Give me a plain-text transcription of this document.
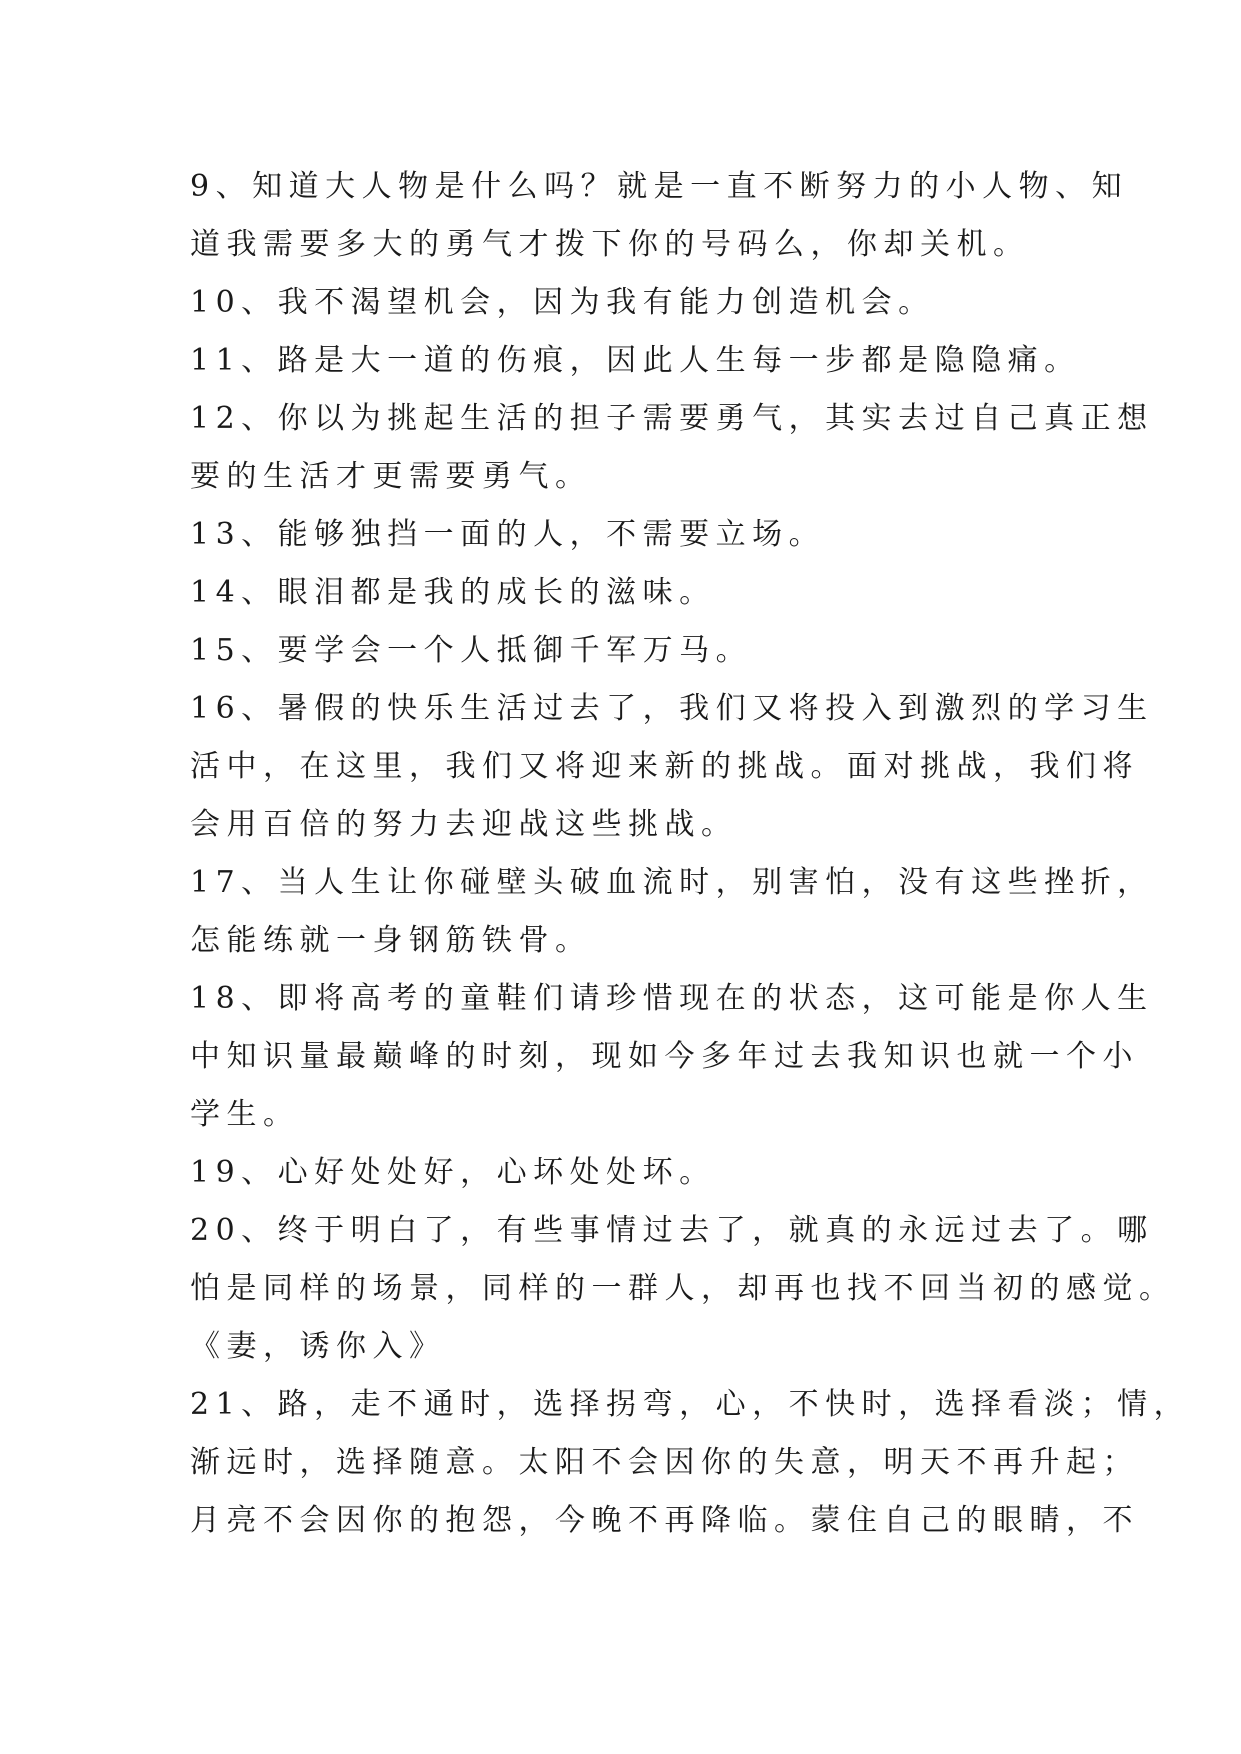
9、知道大人物是什么吗？就是一直不断努力的小人物、知
道我需要多大的勇气才拨下你的号码么，你却关机。
10、我不渴望机会，因为我有能力创造机会。
11、路是大一道的伤痕，因此人生每一步都是隐隐痛。
12、你以为挑起生活的担子需要勇气，其实去过自己真正想
要的生活才更需要勇气。
13、能够独挡一面的人，不需要立场。
14、眼泪都是我的成长的滋味。
15、要学会一个人抵御千军万马。
16、暑假的快乐生活过去了，我们又将投入到激烈的学习生
活中，在这里，我们又将迎来新的挑战。面对挑战，我们将
会用百倍的努力去迎战这些挑战。
17、当人生让你碰壁头破血流时，别害怕，没有这些挫折，
怎能练就一身钢筋铁骨。
18、即将高考的童鞋们请珍惜现在的状态，这可能是你人生
中知识量最巅峰的时刻，现如今多年过去我知识也就一个小
学生。
19、心好处处好，心坏处处坏。
20、终于明白了，有些事情过去了，就真的永远过去了。哪
怕是同样的场景，同样的一群人，却再也找不回当初的感觉。
《妻，诱你入》
21、路，走不通时，选择拐弯，心，不快时，选择看淡；情，
渐远时，选择随意。太阳不会因你的失意，明天不再升起；
月亮不会因你的抱怨，今晚不再降临。蒙住自己的眼睛，不
